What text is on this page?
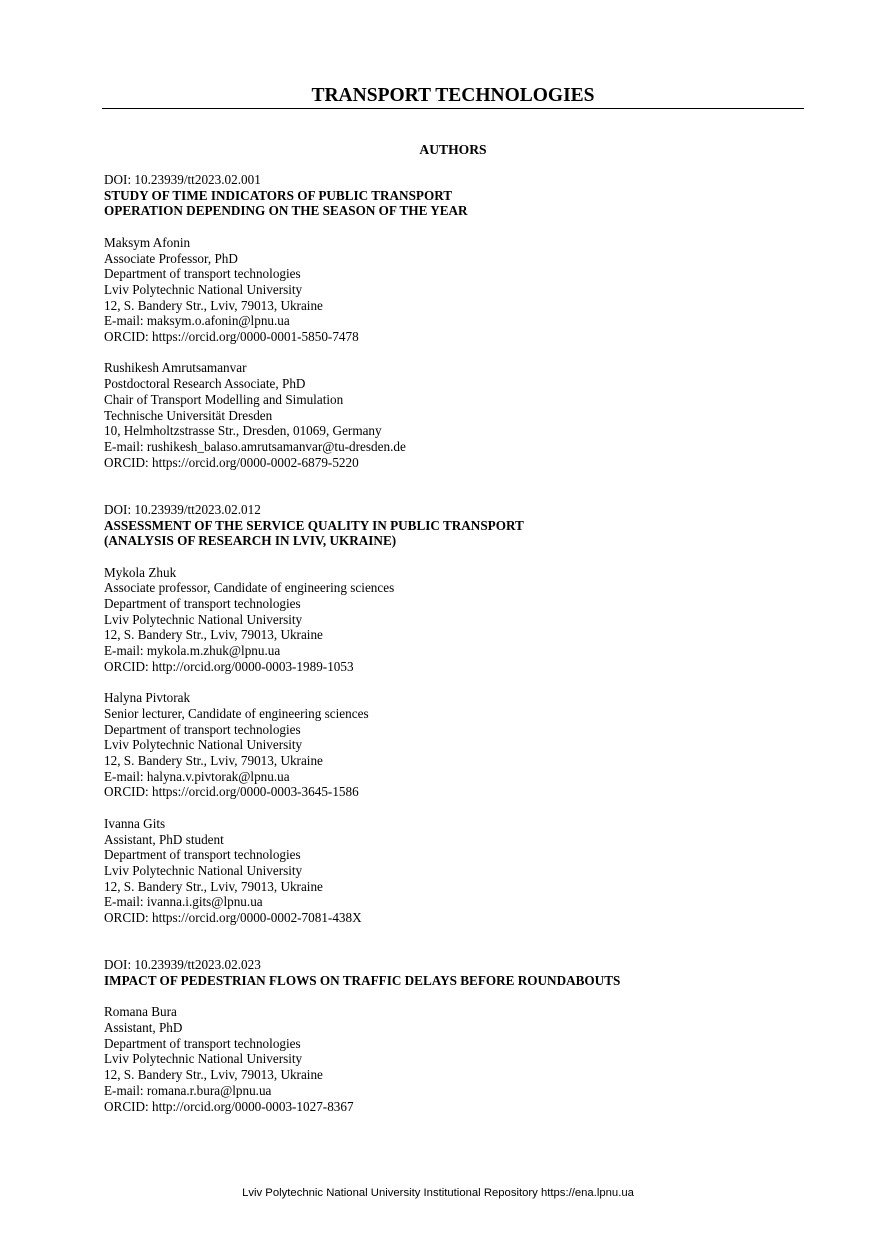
TRANSPORT TECHNOLOGIES
AUTHORS
DOI: 10.23939/tt2023.02.001
STUDY OF TIME INDICATORS OF PUBLIC TRANSPORT
OPERATION DEPENDING ON THE SEASON OF THE YEAR
Maksym Afonin
Associate Professor, PhD
Department of transport technologies
Lviv Polytechnic National University
12, S. Bandery Str., Lviv, 79013, Ukraine
E-mail: maksym.o.afonin@lpnu.ua
ORCID: https://orcid.org/0000-0001-5850-7478
Rushikesh Amrutsamanvar
Postdoctoral Research Associate, PhD
Chair of Transport Modelling and Simulation
Technische Universität Dresden
10, Helmholtzstrasse Str., Dresden, 01069, Germany
E-mail: rushikesh_balaso.amrutsamanvar@tu-dresden.de
ORCID: https://orcid.org/0000-0002-6879-5220
DOI: 10.23939/tt2023.02.012
ASSESSMENT OF THE SERVICE QUALITY IN PUBLIC TRANSPORT
(ANALYSIS OF RESEARCH IN LVIV, UKRAINE)
Mykola Zhuk
Associate professor, Candidate of engineering sciences
Department of transport technologies
Lviv Polytechnic National University
12, S. Bandery Str., Lviv, 79013, Ukraine
E-mail: mykola.m.zhuk@lpnu.ua
ORCID: http://orcid.org/0000-0003-1989-1053
Halyna Pivtorak
Senior lecturer, Candidate of engineering sciences
Department of transport technologies
Lviv Polytechnic National University
12, S. Bandery Str., Lviv, 79013, Ukraine
E-mail: halyna.v.pivtorak@lpnu.ua
ORCID: https://orcid.org/0000-0003-3645-1586
Ivanna Gits
Assistant, PhD student
Department of transport technologies
Lviv Polytechnic National University
12, S. Bandery Str., Lviv, 79013, Ukraine
E-mail: ivanna.i.gits@lpnu.ua
ORCID: https://orcid.org/0000-0002-7081-438X
DOI: 10.23939/tt2023.02.023
IMPACT OF PEDESTRIAN FLOWS ON TRAFFIC DELAYS BEFORE ROUNDABOUTS
Romana Bura
Assistant, PhD
Department of transport technologies
Lviv Polytechnic National University
12, S. Bandery Str., Lviv, 79013, Ukraine
E-mail: romana.r.bura@lpnu.ua
ORCID: http://orcid.org/0000-0003-1027-8367
Lviv Polytechnic National University Institutional Repository https://ena.lpnu.ua
